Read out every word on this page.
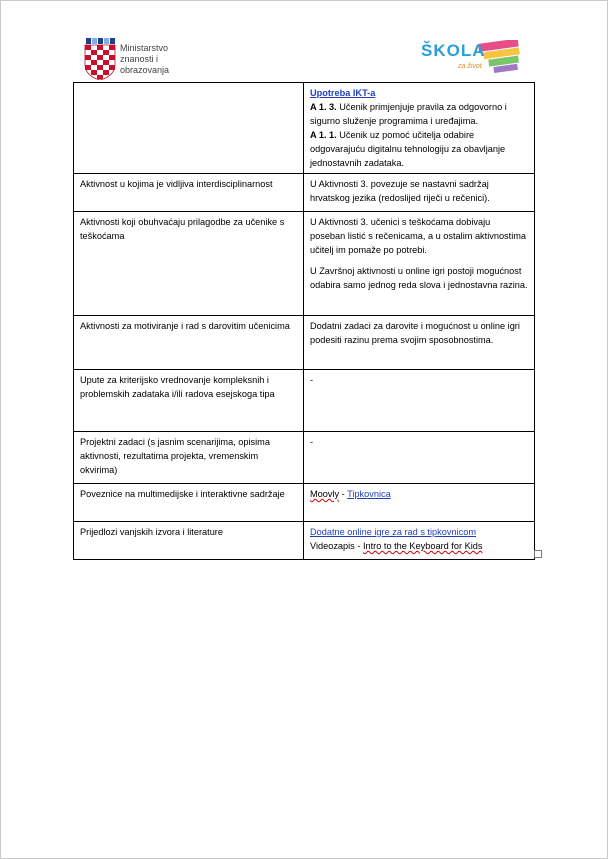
Ministarstvo
znanosti i
obrazovanja
ŠKOLA
za život

	Upotreba IKT-a

A 1. 3. Učenik primjenjuje pravila za odgovorno i sigurno služenje programima i uređajima.

A 1. 1. Učenik uz pomoć učitelja odabire odgovarajuću digitalnu tehnologiju za obavljanje jednostavnih zadataka.

Aktivnost u kojima je vidljiva interdisciplinarnost	U Aktivnosti 3. povezuje se nastavni sadržaj hrvatskog jezika (redoslijed riječi u rečenici).
Aktivnosti koji obuhvaćaju prilagodbe za učenike s teškoćama	U Aktivnosti 3. učenici s teškoćama dobivaju poseban listić s rečenicama, a u ostalim aktivnostima učitelj im pomaže po potrebi.

U Završnoj aktivnosti u online igri postoji mogućnost odabira samo jednog reda slova i jednostavna razina.

Aktivnosti za motiviranje i rad s darovitim učenicima	Dodatni zadaci za darovite i mogućnost u online igri podesiti razinu prema svojim sposobnostima.
Upute za kriterijsko vrednovanje kompleksnih i problemskih zadataka i/ili radova esejskoga tipa	-
Projektni zadaci (s jasnim scenarijima, opisima aktivnosti, rezultatima projekta, vremenskim okvirima)	-
Poveznice na multimedijske i interaktivne sadržaje	Moovly - Tipkovnica
Prijedlozi vanjskih izvora i literature	Dodatne online igre za rad s tipkovnicom

Videozapis - Intro to the Keyboard for Kids
